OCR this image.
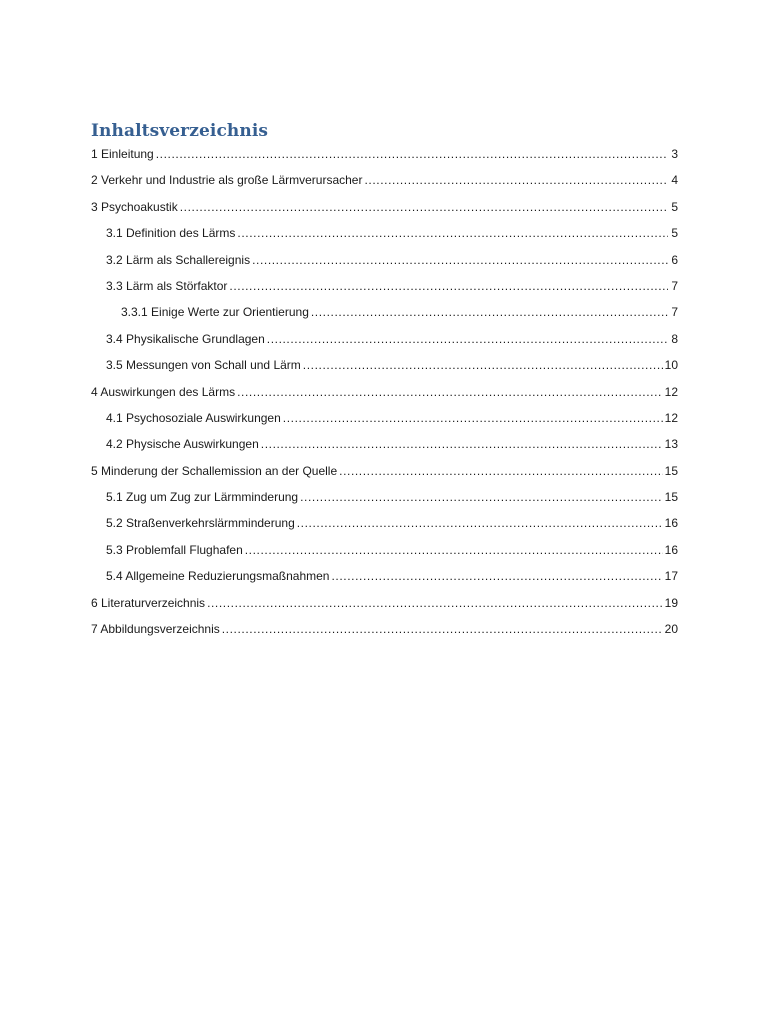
Inhaltsverzeichnis
1 Einleitung .....	3
2 Verkehr und Industrie als große Lärmverursacher .....	4
3 Psychoakustik .....	5
3.1 Definition des Lärms .....	5
3.2 Lärm als Schallereignis .....	6
3.3 Lärm als Störfaktor .....	7
3.3.1 Einige Werte zur Orientierung .....	7
3.4 Physikalische Grundlagen .....	8
3.5 Messungen von Schall und Lärm .....	10
4 Auswirkungen des Lärms .....	12
4.1 Psychosoziale Auswirkungen .....	12
4.2 Physische Auswirkungen .....	13
5 Minderung der Schallemission an der Quelle .....	15
5.1 Zug um Zug zur Lärmminderung .....	15
5.2 Straßenverkehrslärmminderung .....	16
5.3 Problemfall Flughafen .....	16
5.4 Allgemeine Reduzierungsmaßnahmen .....	17
6 Literaturverzeichnis .....	19
7 Abbildungsverzeichnis .....	20
